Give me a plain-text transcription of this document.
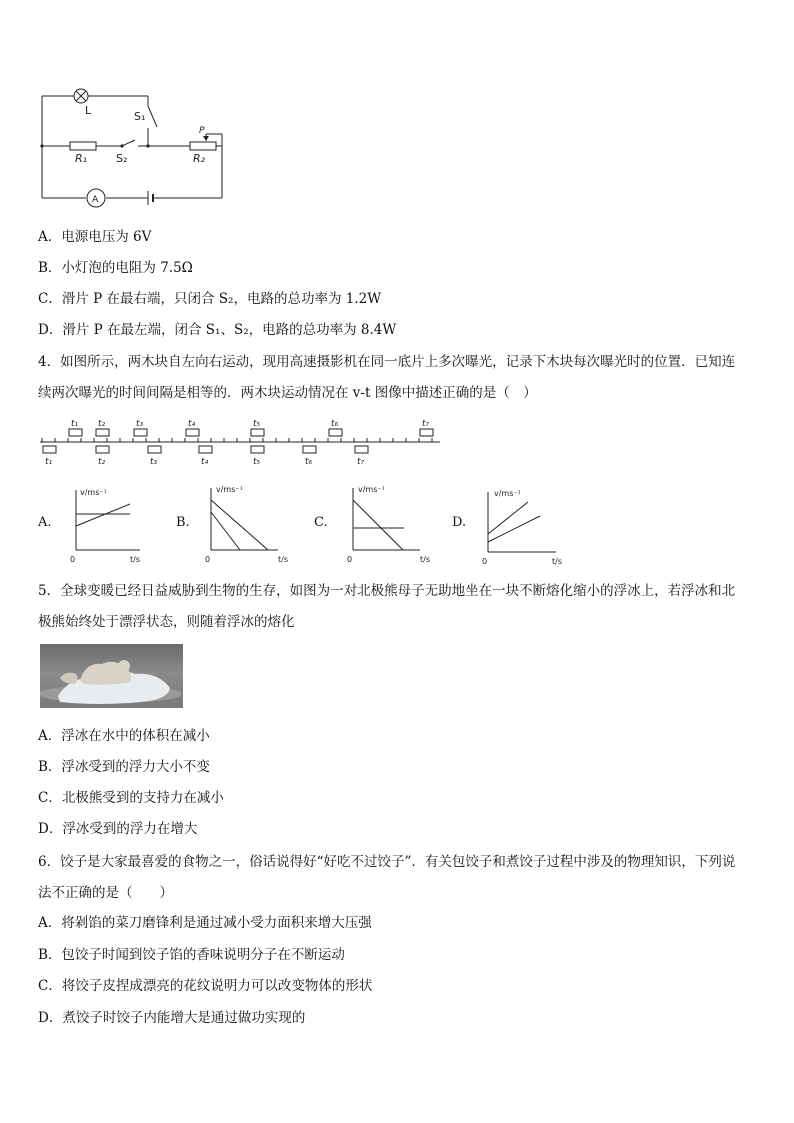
L	S₁
S₂
R₁	R₂
P
A
A．电源电压为 6V
B．小灯泡的电阻为 7.5Ω
C．滑片 P 在最右端，只闭合 S₂，电路的总功率为 1.2W
D．滑片 P 在最左端，闭合 S₁、S₂，电路的总功率为 8.4W
4．如图所示，两木块自左向右运动，现用高速摄影机在同一底片上多次曝光，记录下木块每次曝光时的位置．已知连
续两次曝光的时间间隔是相等的．两木块运动情况在 v-t 图像中描述正确的是（　）
t₁ t₂	t₃	t₄	t₅	t₆	t₇
t₁	t₂	t₃	t₄	t₅	t₆	t₇
A.
v/ms⁻¹
t/s
0
B.
v/ms⁻¹
t/s
0
C.
v/ms⁻¹
t/s
0
D.
v/ms⁻¹
t/s
0
5．全球变暖已经日益威胁到生物的生存，如图为一对北极熊母子无助地坐在一块不断熔化缩小的浮冰上，若浮冰和北
极熊始终处于漂浮状态，则随着浮冰的熔化
A．浮冰在水中的体积在减小
B．浮冰受到的浮力大小不变
C．北极熊受到的支持力在减小
D．浮冰受到的浮力在增大
6．饺子是大家最喜爱的食物之一，俗话说得好“好吃不过饺子”．有关包饺子和煮饺子过程中涉及的物理知识，下列说
法不正确的是（　　）
A．将剁馅的菜刀磨锋利是通过减小受力面积来增大压强
B．包饺子时闻到饺子馅的香味说明分子在不断运动
C．将饺子皮捏成漂亮的花纹说明力可以改变物体的形状
D．煮饺子时饺子内能增大是通过做功实现的
